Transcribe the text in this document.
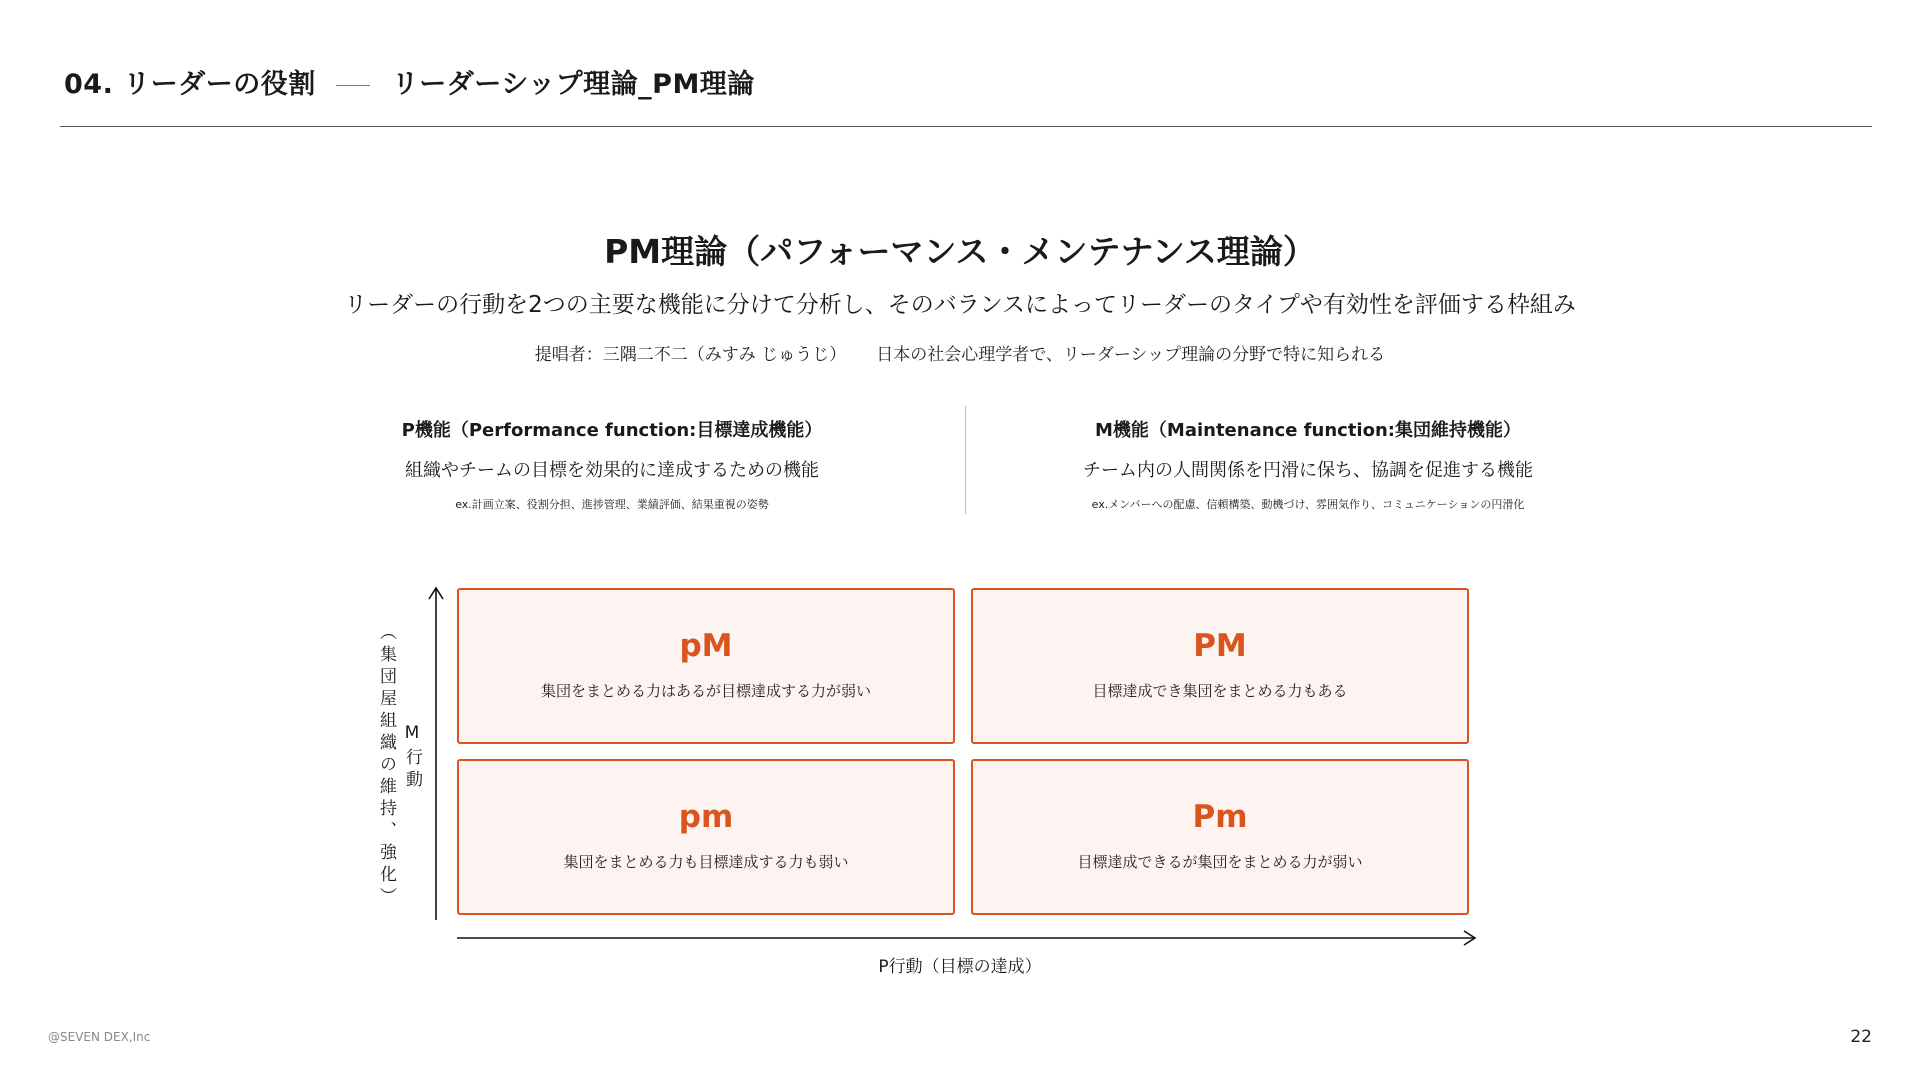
04. リーダーの役割	リーダーシップ理論_PM理論
PM理論（パフォーマンス・メンテナンス理論）
リーダーの行動を2つの主要な機能に分けて分析し、そのバランスによってリーダーのタイプや有効性を評価する枠組み
提唱者：三隅二不二（みすみ じゅうじ） 日本の社会心理学者で、リーダーシップ理論の分野で特に知られる
P機能（Performance function:目標達成機能）
組織やチームの目標を効果的に達成するための機能
ex.計画立案、役割分担、進捗管理、業績評価、結果重視の姿勢
M機能（Maintenance function:集団維持機能）
チーム内の人間関係を円滑に保ち、協調を促進する機能
ex.メンバーへの配慮、信頼構築、動機づけ、雰囲気作り、コミュニケーションの円滑化
pM
集団をまとめる力はあるが目標達成する力が弱い
PM
目標達成でき集団をまとめる力もある
pm
集団をまとめる力も目標達成する力も弱い
Pm
目標達成できるが集団をまとめる力が弱い
P行動（目標の達成）
（集団屋組織の維持、強化） M行動
@SEVEN DEX,Inc	22
